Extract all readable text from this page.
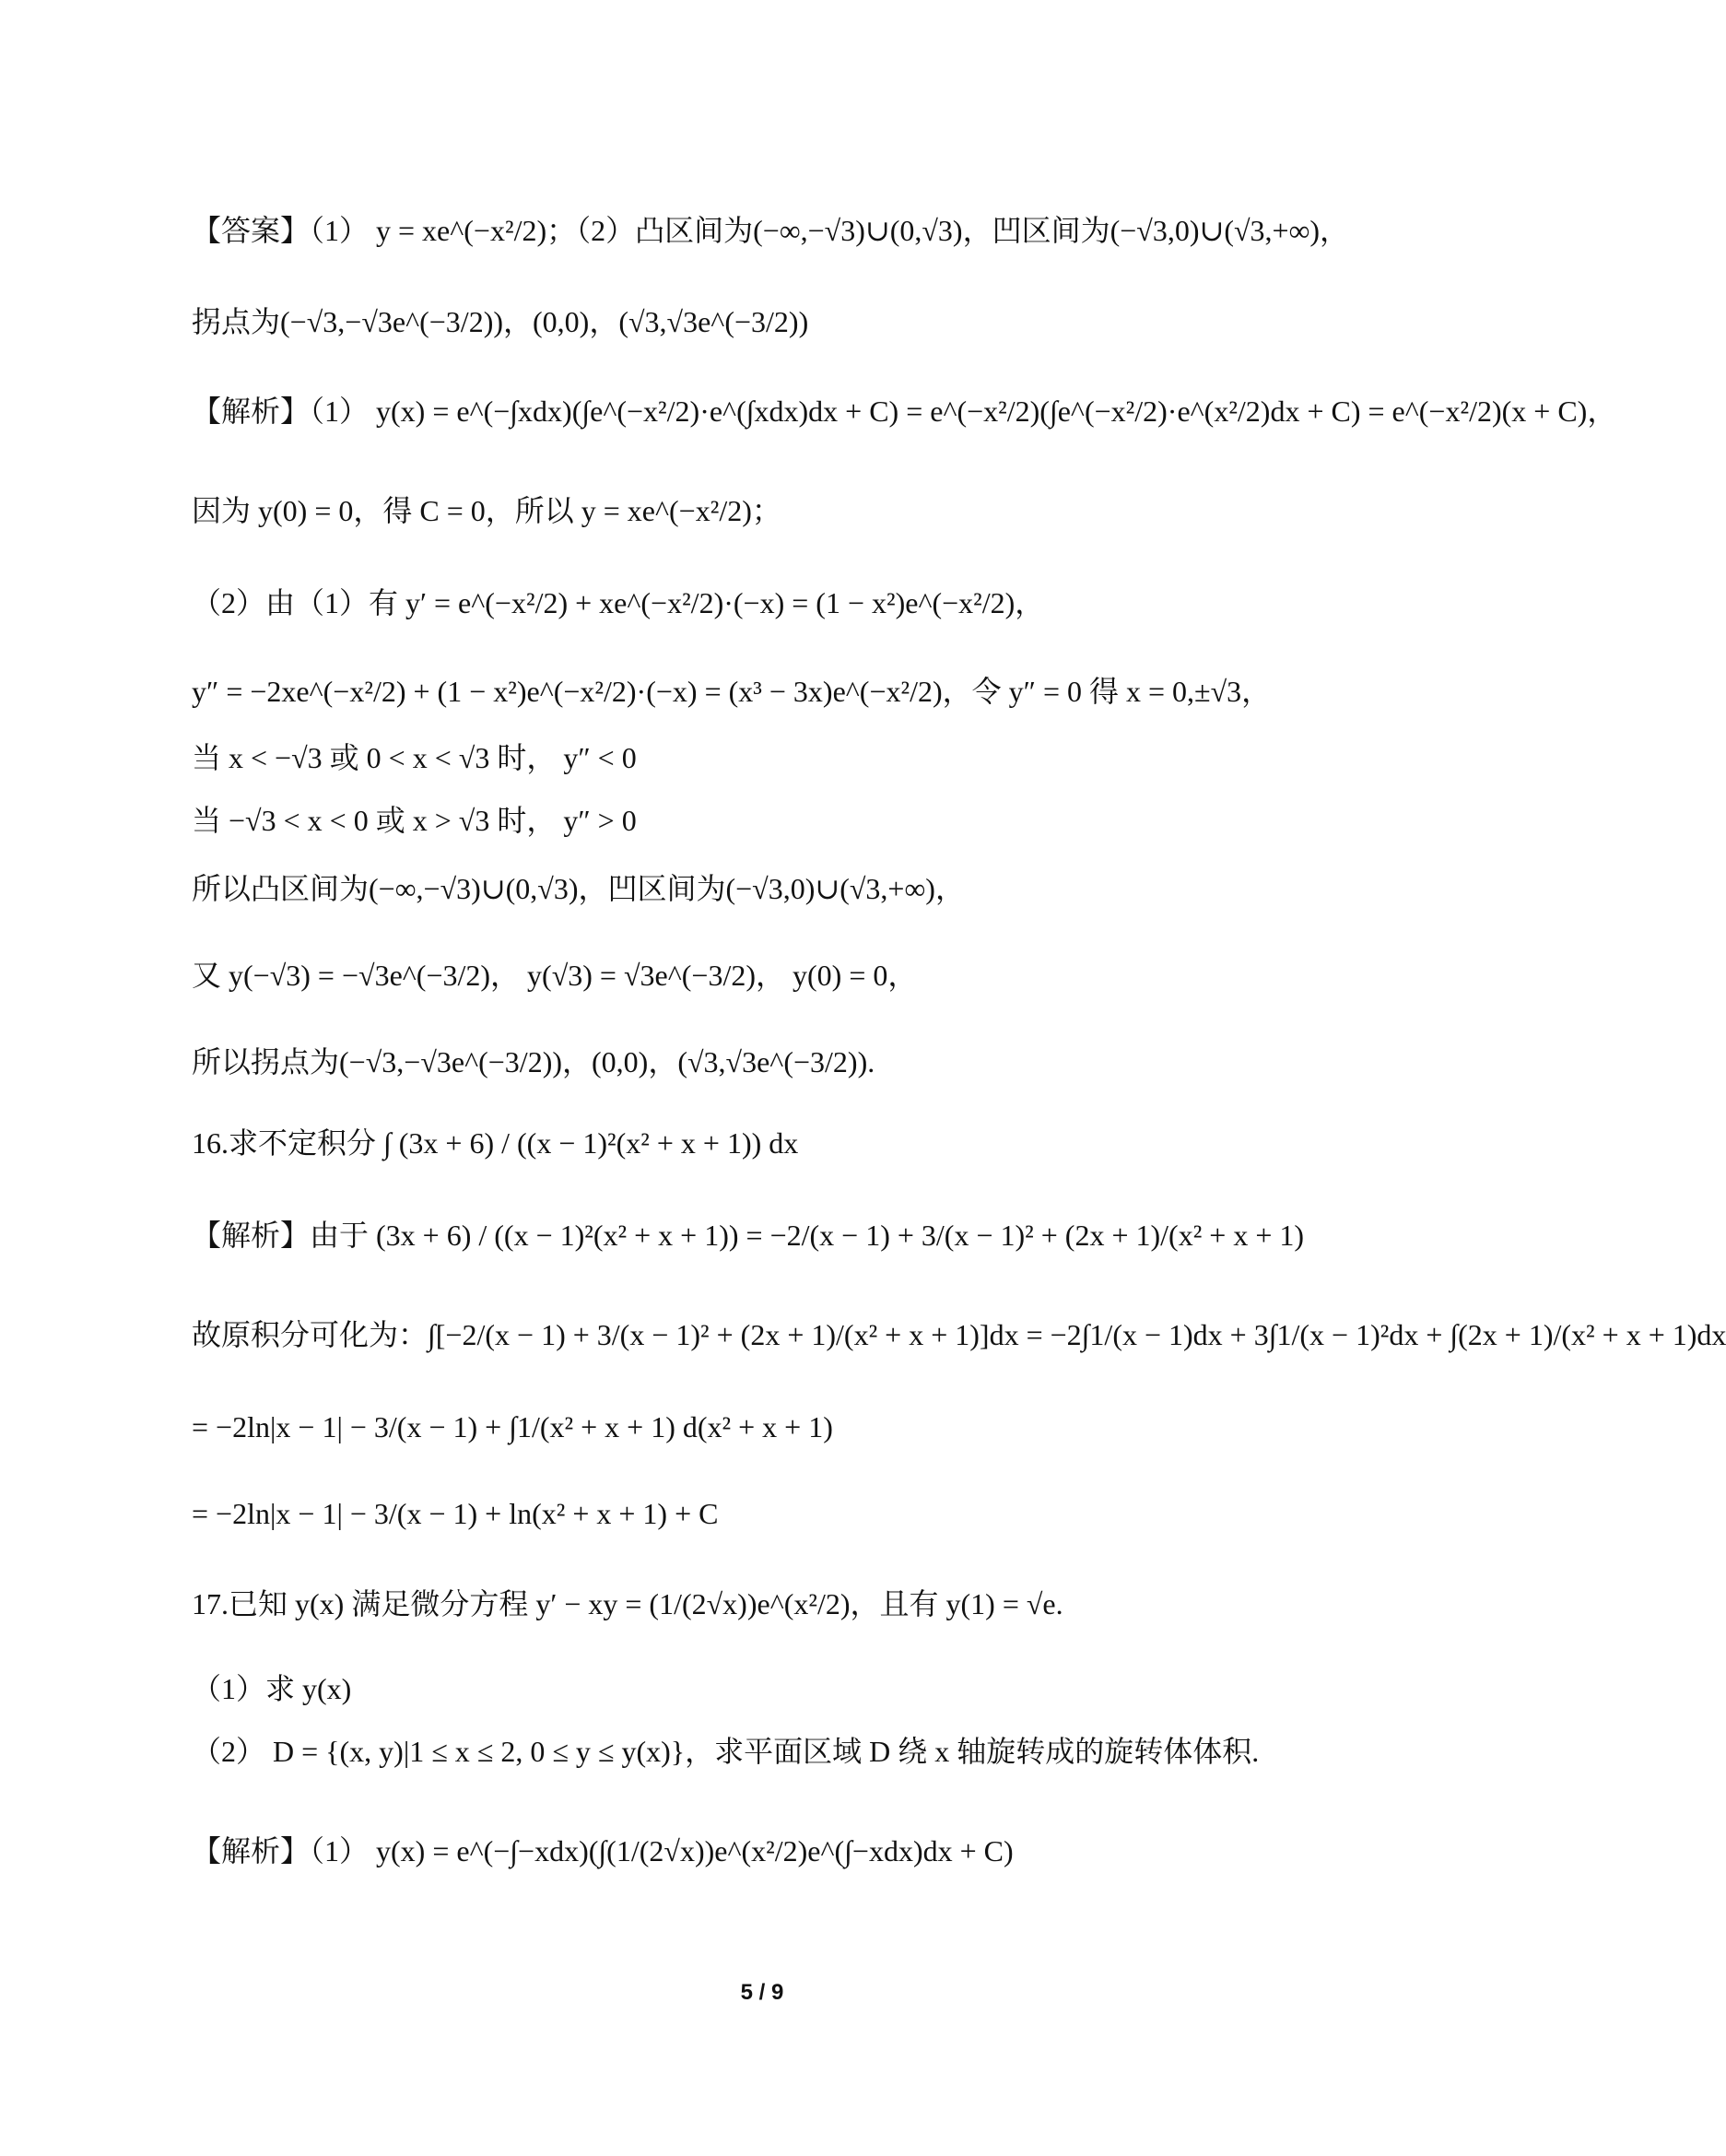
【答案】（1） y = xe^(−x²/2)；（2）凸区间为(−∞,−√3)∪(0,√3)，凹区间为(−√3,0)∪(√3,+∞)，
拐点为(−√3,−√3e^(−3/2))，(0,0)，(√3,√3e^(−3/2))
【解析】（1） y(x) = e^(−∫xdx)(∫e^(−x²/2)·e^(∫xdx)dx + C) = e^(−x²/2)(∫e^(−x²/2)·e^(x²/2)dx + C) = e^(−x²/2)(x + C)，
因为 y(0) = 0，得 C = 0，所以 y = xe^(−x²/2)；
（2）由（1）有 y′ = e^(−x²/2) + xe^(−x²/2)·(−x) = (1 − x²)e^(−x²/2)，
y″ = −2xe^(−x²/2) + (1 − x²)e^(−x²/2)·(−x) = (x³ − 3x)e^(−x²/2)，令 y″ = 0 得 x = 0,±√3，
当 x < −√3 或 0 < x < √3 时， y″ < 0
当 −√3 < x < 0 或 x > √3 时， y″ > 0
所以凸区间为(−∞,−√3)∪(0,√3)，凹区间为(−√3,0)∪(√3,+∞)，
又 y(−√3) = −√3e^(−3/2)， y(√3) = √3e^(−3/2)， y(0) = 0，
所以拐点为(−√3,−√3e^(−3/2))，(0,0)，(√3,√3e^(−3/2)).
16.求不定积分 ∫ (3x + 6) / ((x − 1)²(x² + x + 1)) dx
【解析】由于 (3x + 6) / ((x − 1)²(x² + x + 1)) = −2/(x − 1) + 3/(x − 1)² + (2x + 1)/(x² + x + 1)
故原积分可化为：∫[−2/(x − 1) + 3/(x − 1)² + (2x + 1)/(x² + x + 1)]dx = −2∫1/(x − 1)dx + 3∫1/(x − 1)²dx + ∫(2x + 1)/(x² + x + 1)dx
= −2ln|x − 1| − 3/(x − 1) + ∫1/(x² + x + 1) d(x² + x + 1)
= −2ln|x − 1| − 3/(x − 1) + ln(x² + x + 1) + C
17.已知 y(x) 满足微分方程 y′ − xy = (1/(2√x))e^(x²/2)，且有 y(1) = √e.
（1）求 y(x)
（2） D = {(x, y)|1 ≤ x ≤ 2, 0 ≤ y ≤ y(x)}，求平面区域 D 绕 x 轴旋转成的旋转体体积.
【解析】（1） y(x) = e^(−∫−xdx)(∫(1/(2√x))e^(x²/2)e^(∫−xdx)dx + C)
5 / 9
